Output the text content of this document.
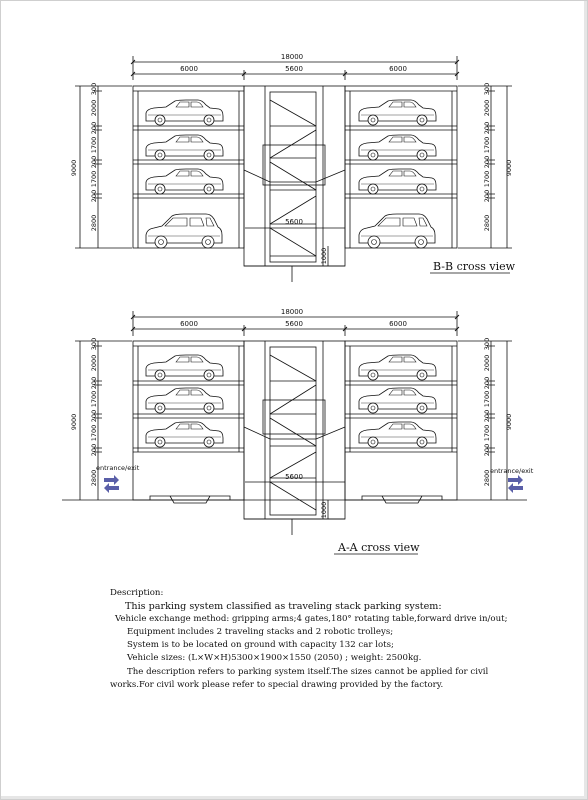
18000
6000	5600	6000
5600
9000	9000
1000
300
2000
200
1700
200
1700
200
2800
300
2000
200
1700
200
1700
200
2800
B-B cross view
18000
6000	5600	6000
5600
9000	9000
1000
300
2000
200
1700
200
1700
200
2800
300
2000
200
1700
200
1700
200
2800
entrance/exit	entrance/exit
A-A cross view
Description:
This parking system classified as traveling stack parking system:
Vehicle exchange method: gripping arms;4 gates,180° rotating table,forward drive in/out;
Equipment includes 2 traveling stacks and 2 robotic trolleys;
System is to be located on ground with capacity 132 car lots;
Vehicle sizes: (L×W×H)5300×1900×1550 (2050) ; weight: 2500kg.
The description refers to parking system itself.The sizes cannot be applied for civil
works.For civil work please refer to special drawing provided by the factory.
